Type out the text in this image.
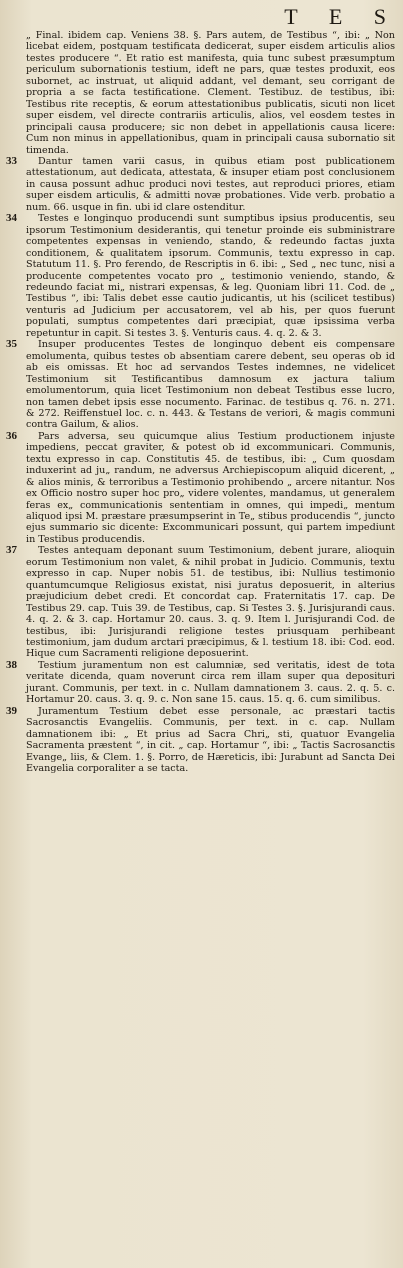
T E S

„ Final. ibidem cap. Veniens 38. §. Pars autem, de Testibus “, ibi: „ Non licebat eidem, postquam testificata dedicerat, super eisdem articulis alios testes producere “. Et ratio est manifesta, quia tunc subest præsumptum periculum subornationis testium, ideft ne pars, quæ testes produxit, eos subornet, ac instruat, ut aliquid addant, vel demant, seu corrigant de propria a se facta testificatione. Clement. Testibuz. de testibus, ibi: Testibus rite receptis, & eorum attestationibus publicatis, sicuti non licet super eisdem, vel directe contrariis articulis, alios, vel eosdem testes in principali causa producere; sic non debet in appellationis causa licere: Cum non minus in appellationibus, quam in principali causa subornatio sit timenda.

33	Dantur tamen varii casus, in quibus etiam post publicationem attestationum, aut dedicata, attestata, & insuper etiam post conclusionem in causa possunt adhuc produci novi testes, aut reproduci priores, etiam super eisdem articulis, & admitti novæ probationes. Vide verb. probatio a num. 66. usque in fin. ubi id clare ostenditur.

34	Testes e longinquo producendi sunt sumptibus ipsius producentis, seu ipsorum Testimonium desiderantis, qui tenetur proinde eis subministrare competentes expensas in veniendo, stando, & redeundo factas juxta conditionem, & qualitatem ipsorum. Communis, textu expresso in cap. Statutum 11. §. Pro ferendo, de Rescriptis in 6. ibi: „ Sed „ nec tunc, nisi a producente competentes vocato pro „ testimonio veniendo, stando, & redeundo faciat mi„ nistrari expensas, & leg. Quoniam libri 11. Cod. de „ Testibus “, ibi: Talis debet esse cautio judicantis, ut his (scilicet testibus) venturis ad Judicium per accusatorem, vel ab his, per quos fuerunt populati, sumptus competentes dari præcipiat, quæ ipsissima verba repetuntur in capit. Si testes 3. §. Venturis caus. 4. q. 2. & 3.

35	Insuper producentes Testes de longinquo debent eis compensare emolumenta, quibus testes ob absentiam carere debent, seu operas ob id ab eis omissas. Et hoc ad servandos Testes indemnes, ne videlicet Testimonium sit Testificantibus damnosum ex jactura talium emolumentorum, quia licet Testimonium non debeat Testibus esse lucro, non tamen debet ipsis esse nocumento. Farinac. de testibus q. 76. n. 271. & 272. Reiffenstuel loc. c. n. 443. & Testans de veriori, & magis communi contra Gailum, & alios.

36	Pars adversa, seu quicumque alius Testium productionem injuste impediens, peccat graviter, & potest ob id excommunicari. Communis, textu expresso in cap. Constitutis 45. de testibus, ibi: „ Cum quosdam induxerint ad ju„ randum, ne adversus Archiepiscopum aliquid dicerent, „ & alios minis, & terroribus a Testimonio prohibendo „ arcere nitantur. Nos ex Officio nostro super hoc pro„ videre volentes, mandamus, ut generalem feras ex„ communicationis sententiam in omnes, qui impedi„ mentum aliquod ipsi M. præstare præsumpserint in Te„ stibus producendis “, juncto ejus summario sic dicente: Excommunicari possunt, qui partem impediunt in Testibus producendis.

37	Testes antequam deponant suum Testimonium, debent jurare, alioquin eorum Testimonium non valet, & nihil probat in Judicio. Communis, textu expresso in cap. Nuper nobis 51. de testibus, ibi: Nullius testimonio quantumcumque Religiosus existat, nisi juratus deposuerit, in alterius præjudicium debet credi. Et concordat cap. Fraternitatis 17. cap. De Testibus 29. cap. Tuis 39. de Testibus, cap. Si Testes 3. §. Jurisjurandi caus. 4. q. 2. & 3. cap. Hortamur 20. caus. 3. q. 9. Item l. Jurisjurandi Cod. de testibus, ibi: Jurisjurandi religione testes priusquam perhibeant testimonium, jam dudum arctari præcipimus, & l. testium 18. ibi: Cod. eod. Hique cum Sacramenti religione deposuerint.

38	Testium juramentum non est calumniæ, sed veritatis, idest de tota veritate dicenda, quam noverunt circa rem illam super qua deposituri jurant. Communis, per text. in c. Nullam damnationem 3. caus. 2. q. 5. c. Hortamur 20. caus. 3. q. 9. c. Non sane 15. caus. 15. q. 6. cum similibus.

39	Juramentum Testium debet esse personale, ac præstari tactis Sacrosanctis Evangeliis. Communis, per text. in c. cap. Nullam damnationem ibi: „ Et prius ad Sacra Chri„ sti, quatuor Evangelia Sacramenta præstent “, in cit. „ cap. Hortamur “, ibi: „ Tactis Sacrosanctis Evange„ liis, & Clem. 1. §. Porro, de Hæreticis, ibi: Jurabunt ad Sancta Dei Evangelia corporaliter a se tacta.
